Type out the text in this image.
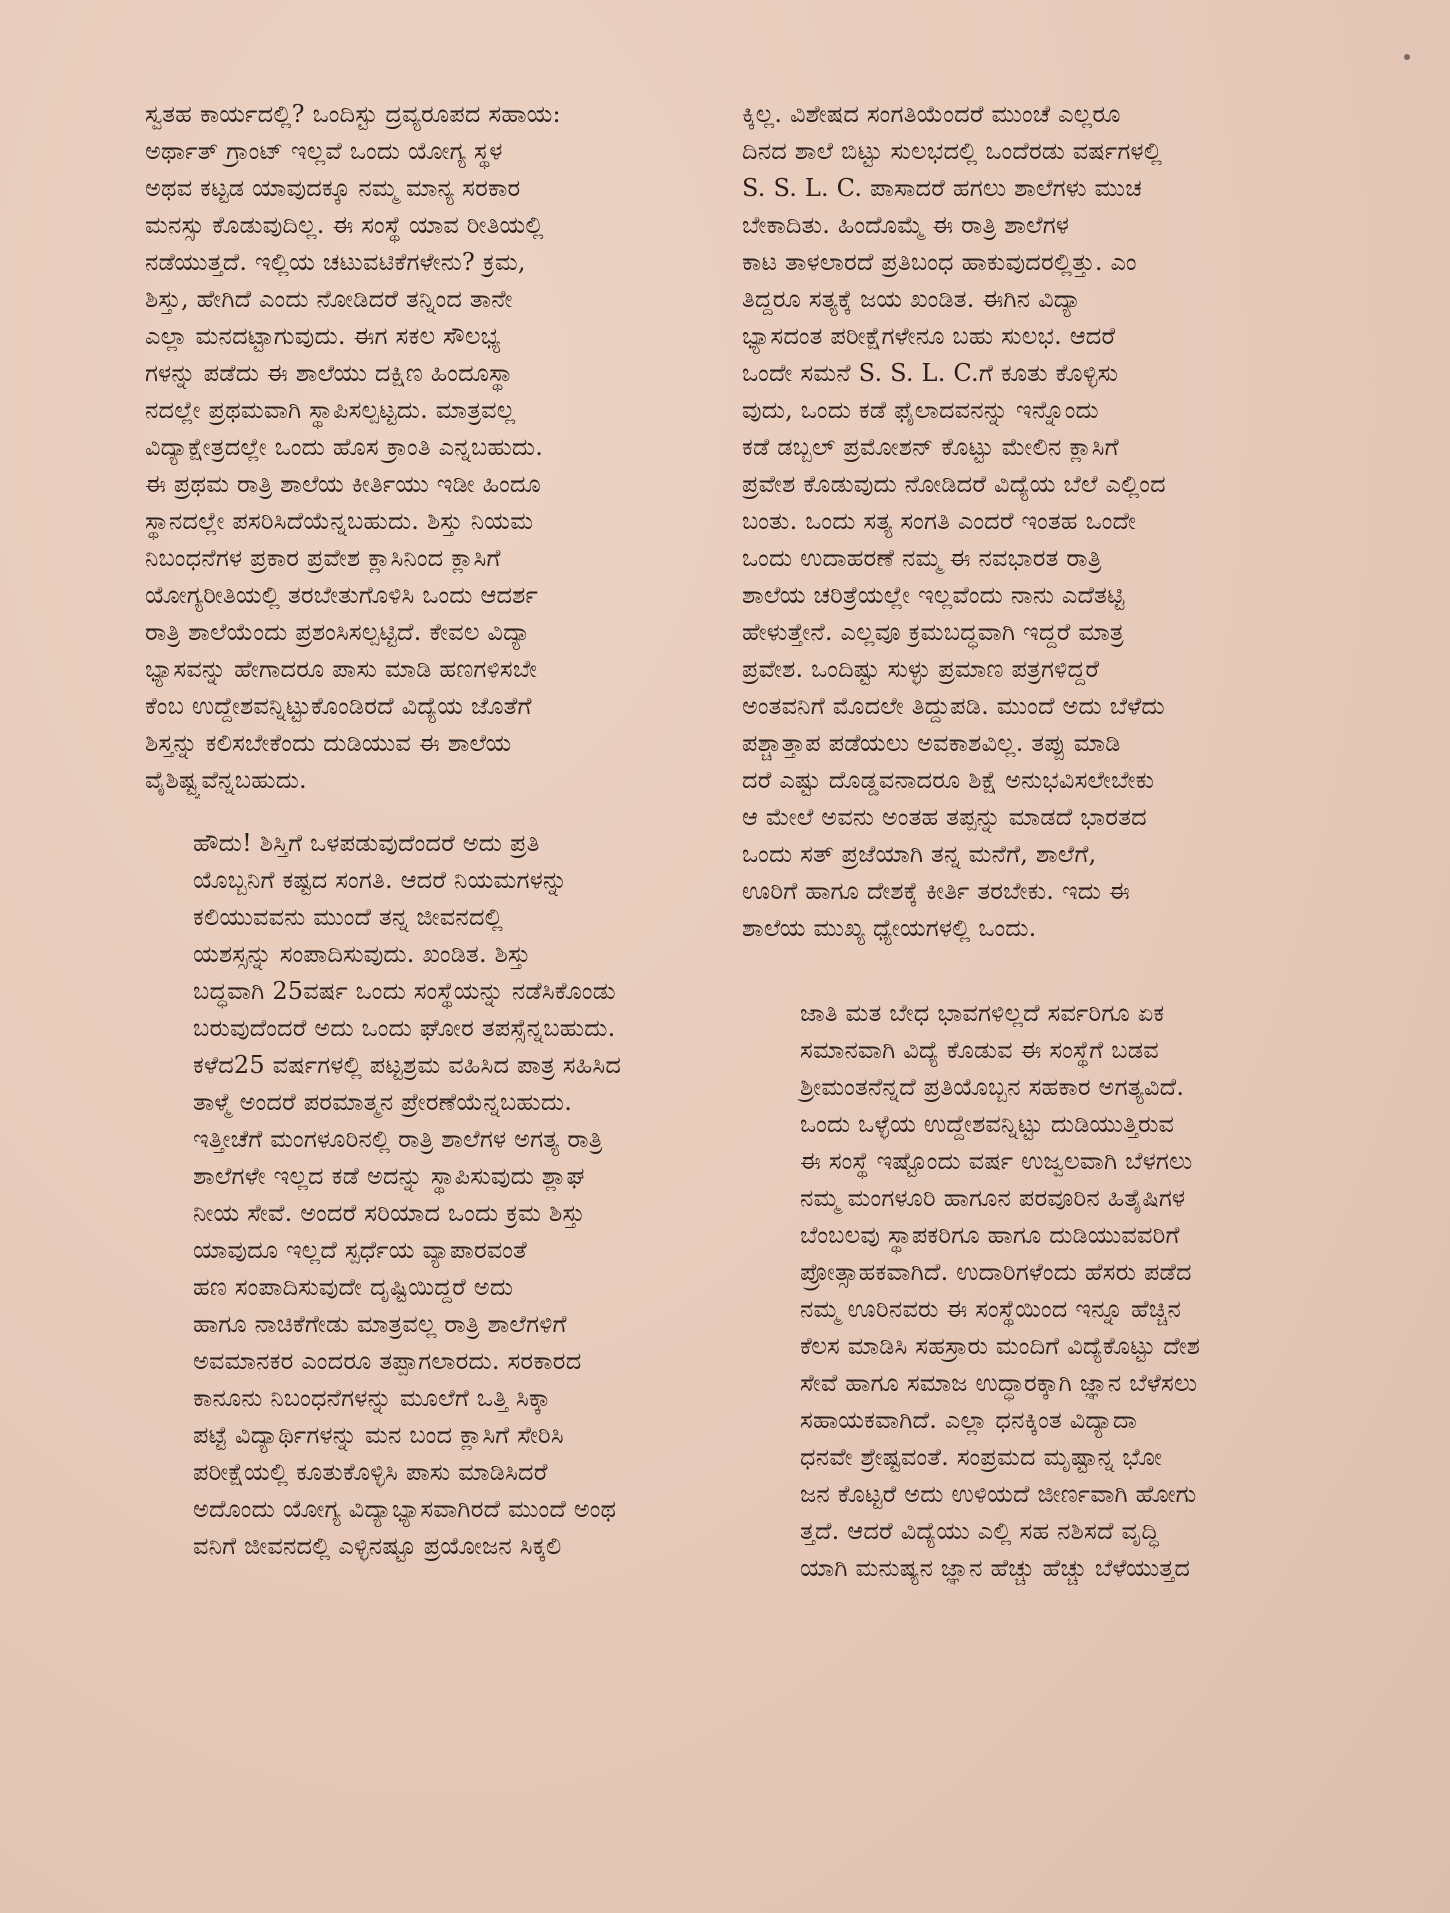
ಸ್ವತಹ ಕಾರ್ಯದಲ್ಲಿ? ಒಂದಿಸ್ಟು ದ್ರವ್ಯರೂಪದ ಸಹಾಯ:
ಅರ್ಥಾತ್ ಗ್ರಾಂಟ್ ಇಲ್ಲವೆ ಒಂದು ಯೋಗ್ಯ ಸ್ಥಳ
ಅಥವ ಕಟ್ಟಡ ಯಾವುದಕ್ಕೂ ನಮ್ಮ ಮಾನ್ಯ ಸರಕಾರ
ಮನಸ್ಸು ಕೊಡುವುದಿಲ್ಲ. ಈ ಸಂಸ್ಥೆ ಯಾವ ರೀತಿಯಲ್ಲಿ
ನಡೆಯುತ್ತದೆ. ಇಲ್ಲಿಯ ಚಟುವಟಿಕೆಗಳೇನು? ಕ್ರಮ,
ಶಿಸ್ತು, ಹೇಗಿದೆ ಎಂದು ನೋಡಿದರೆ ತನ್ನಿಂದ ತಾನೇ
ಎಲ್ಲಾ ಮನದಟ್ಟಾಗುವುದು. ಈಗ ಸಕಲ ಸೌಲಭ್ಯ
ಗಳನ್ನು ಪಡೆದು ಈ ಶಾಲೆಯು ದಕ್ಷಿಣ ಹಿಂದೂಸ್ಥಾ
ನದಲ್ಲೇ ಪ್ರಥಮವಾಗಿ ಸ್ಥಾಪಿಸಲ್ಪಟ್ಟದು. ಮಾತ್ರವಲ್ಲ
ವಿದ್ಯಾಕ್ಷೇತ್ರದಲ್ಲೇ ಒಂದು ಹೊಸ ಕ್ರಾಂತಿ ಎನ್ನಬಹುದು.
ಈ ಪ್ರಥಮ ರಾತ್ರಿ ಶಾಲೆಯ ಕೀರ್ತಿಯು ಇಡೀ ಹಿಂದೂ
ಸ್ಥಾನದಲ್ಲೇ ಪಸರಿಸಿದೆಯೆನ್ನಬಹುದು. ಶಿಸ್ತು ನಿಯಮ
ನಿಬಂಧನೆಗಳ ಪ್ರಕಾರ ಪ್ರವೇಶ ಕ್ಲಾಸಿನಿಂದ ಕ್ಲಾಸಿಗೆ
ಯೋಗ್ಯರೀತಿಯಲ್ಲಿ ತರಬೇತುಗೊಳಿಸಿ ಒಂದು ಆದರ್ಶ
ರಾತ್ರಿ ಶಾಲೆಯೆಂದು ಪ್ರಶಂಸಿಸಲ್ಪಟ್ಟಿದೆ. ಕೇವಲ ವಿದ್ಯಾ
ಭ್ಯಾಸವನ್ನು ಹೇಗಾದರೂ ಪಾಸು ಮಾಡಿ ಹಣಗಳಿಸಬೇ
ಕೆಂಬ ಉದ್ದೇಶವನ್ನಿಟ್ಟುಕೊಂಡಿರದೆ ವಿದ್ಯೆಯ ಜೊತೆಗೆ
ಶಿಸ್ತನ್ನು ಕಲಿಸಬೇಕೆಂದು ದುಡಿಯುವ ಈ ಶಾಲೆಯ
ವೈಶಿಷ್ಟ್ಯವೆನ್ನಬಹುದು.
ಹೌದು! ಶಿಸ್ತಿಗೆ ಒಳಪಡುವುದೆಂದರೆ ಅದು ಪ್ರತಿ
ಯೊಬ್ಬನಿಗೆ ಕಷ್ಟದ ಸಂಗತಿ. ಆದರೆ ನಿಯಮಗಳನ್ನು
ಕಲಿಯುವವನು ಮುಂದೆ ತನ್ನ ಜೀವನದಲ್ಲಿ
ಯಶಸ್ಸನ್ನು ಸಂಪಾದಿಸುವುದು. ಖಂಡಿತ. ಶಿಸ್ತು
ಬದ್ಧವಾಗಿ 25ವರ್ಷ ಒಂದು ಸಂಸ್ಥೆಯನ್ನು ನಡೆಸಿಕೊಂಡು
ಬರುವುದೆಂದರೆ ಅದು ಒಂದು ಘೋರ ತಪಸ್ಸೆನ್ನಬಹುದು.
ಕಳೆದ25 ವರ್ಷಗಳಲ್ಲಿ ಪಟ್ಟಶ್ರಮ ವಹಿಸಿದ ಪಾತ್ರ ಸಹಿಸಿದ
ತಾಳ್ಮೆ ಅಂದರೆ ಪರಮಾತ್ಮನ ಪ್ರೇರಣೆಯೆನ್ನಬಹುದು.
ಇತ್ತೀಚೆಗೆ ಮಂಗಳೂರಿನಲ್ಲಿ ರಾತ್ರಿ ಶಾಲೆಗಳ ಅಗತ್ಯ ರಾತ್ರಿ
ಶಾಲೆಗಳೇ ಇಲ್ಲದ ಕಡೆ ಅದನ್ನು ಸ್ಥಾಪಿಸುವುದು ಶ್ಲಾಘ
ನೀಯ ಸೇವೆ. ಅಂದರೆ ಸರಿಯಾದ ಒಂದು ಕ್ರಮ ಶಿಸ್ತು
ಯಾವುದೂ ಇಲ್ಲದೆ ಸ್ಪರ್ಧೆಯ ವ್ಯಾಪಾರವಂತೆ
ಹಣ ಸಂಪಾದಿಸುವುದೇ ದೃಷ್ಟಿಯಿದ್ದರೆ ಅದು
ಹಾಗೂ ನಾಚಿಕೆಗೇಡು ಮಾತ್ರವಲ್ಲ ರಾತ್ರಿ ಶಾಲೆಗಳಿಗೆ
ಅವಮಾನಕರ ಎಂದರೂ ತಪ್ಪಾಗಲಾರದು. ಸರಕಾರದ
ಕಾನೂನು ನಿಬಂಧನೆಗಳನ್ನು ಮೂಲೆಗೆ ಒತ್ತಿ ಸಿಕ್ಕಾ
ಪಟ್ಟೆ ವಿದ್ಯಾರ್ಥಿಗಳನ್ನು ಮನ ಬಂದ ಕ್ಲಾಸಿಗೆ ಸೇರಿಸಿ
ಪರೀಕ್ಷೆಯಲ್ಲಿ ಕೂತುಕೊಳ್ಳಿಸಿ ಪಾಸು ಮಾಡಿಸಿದರೆ
ಅದೊಂದು ಯೋಗ್ಯ ವಿದ್ಯಾಭ್ಯಾಸವಾಗಿರದೆ ಮುಂದೆ ಅಂಥ
ವನಿಗೆ ಜೀವನದಲ್ಲಿ ಎಳ್ಳಿನಷ್ಟೂ ಪ್ರಯೋಜನ ಸಿಕ್ಕಲಿ
ಕ್ಕಿಲ್ಲ. ವಿಶೇಷದ ಸಂಗತಿಯೆಂದರೆ ಮುಂಚೆ ಎಲ್ಲರೂ
ದಿನದ ಶಾಲೆ ಬಿಟ್ಟು ಸುಲಭದಲ್ಲಿ ಒಂದೆರಡು ವರ್ಷಗಳಲ್ಲಿ
S. S. L. C. ಪಾಸಾದರೆ ಹಗಲು ಶಾಲೆಗಳು ಮುಚ
ಬೇಕಾದಿತು. ಹಿಂದೊಮ್ಮೆ ಈ ರಾತ್ರಿ ಶಾಲೆಗಳ
ಕಾಟ ತಾಳಲಾರದೆ ಪ್ರತಿಬಂಧ ಹಾಕುವುದರಲ್ಲಿತ್ತು. ಎಂ
ತಿದ್ದರೂ ಸತ್ಯಕ್ಕೆ ಜಯ ಖಂಡಿತ. ಈಗಿನ ವಿದ್ಯಾ
ಭ್ಯಾಸದಂತ ಪರೀಕ್ಷೆಗಳೇನೂ ಬಹು ಸುಲಭ. ಆದರೆ
ಒಂದೇ ಸಮನೆ S. S. L. C.ಗೆ ಕೂತು ಕೊಳ್ಳಿಸು
ವುದು, ಒಂದು ಕಡೆ ಫೈಲಾದವನನ್ನು ಇನ್ನೊಂದು
ಕಡೆ ಡಬ್ಬಲ್ ಪ್ರಮೋಶನ್ ಕೊಟ್ಟು ಮೇಲಿನ ಕ್ಲಾಸಿಗೆ
ಪ್ರವೇಶ ಕೊಡುವುದು ನೋಡಿದರೆ ವಿದ್ಯೆಯ ಬೆಲೆ ಎಲ್ಲಿಂದ
ಬಂತು. ಒಂದು ಸತ್ಯ ಸಂಗತಿ ಎಂದರೆ ಇಂತಹ ಒಂದೇ
ಒಂದು ಉದಾಹರಣೆ ನಮ್ಮ ಈ ನವಭಾರತ ರಾತ್ರಿ
ಶಾಲೆಯ ಚರಿತ್ರೆಯಲ್ಲೇ ಇಲ್ಲವೆಂದು ನಾನು ಎದೆತಟ್ಟಿ
ಹೇಳುತ್ತೇನೆ. ಎಲ್ಲವೂ ಕ್ರಮಬದ್ಧವಾಗಿ ಇದ್ದರೆ ಮಾತ್ರ
ಪ್ರವೇಶ. ಒಂದಿಷ್ಟು ಸುಳ್ಳು ಪ್ರಮಾಣ ಪತ್ರಗಳಿದ್ದರೆ
ಅಂತವನಿಗೆ ಮೊದಲೇ ತಿದ್ದುಪಡಿ. ಮುಂದೆ ಅದು ಬೆಳೆದು
ಪಶ್ಚಾತ್ತಾಪ ಪಡೆಯಲು ಅವಕಾಶವಿಲ್ಲ. ತಪ್ಪು ಮಾಡಿ
ದರೆ ಎಷ್ಟು ದೊಡ್ಡವನಾದರೂ ಶಿಕ್ಷೆ ಅನುಭವಿಸಲೇಬೇಕು
ಆ ಮೇಲೆ ಅವನು ಅಂತಹ ತಪ್ಪನ್ನು ಮಾಡದೆ ಭಾರತದ
ಒಂದು ಸತ್ ಪ್ರಜೆಯಾಗಿ ತನ್ನ ಮನೆಗೆ, ಶಾಲೆಗೆ,
ಊರಿಗೆ ಹಾಗೂ ದೇಶಕ್ಕೆ ಕೀರ್ತಿ ತರಬೇಕು. ಇದು ಈ
ಶಾಲೆಯ ಮುಖ್ಯ ಧ್ಯೇಯಗಳಲ್ಲಿ ಒಂದು.
ಜಾತಿ ಮತ ಬೇಧ ಭಾವಗಳಿಲ್ಲದೆ ಸರ್ವರಿಗೂ ಏಕ
ಸಮಾನವಾಗಿ ವಿದ್ಯೆ ಕೊಡುವ ಈ ಸಂಸ್ಥೆಗೆ ಬಡವ
ಶ್ರೀಮಂತನೆನ್ನದೆ ಪ್ರತಿಯೊಬ್ಬನ ಸಹಕಾರ ಅಗತ್ಯವಿದೆ.
ಒಂದು ಒಳ್ಳೆಯ ಉದ್ದೇಶವನ್ನಿಟ್ಟು ದುಡಿಯುತ್ತಿರುವ
ಈ ಸಂಸ್ಥೆ ಇಷ್ಟೊಂದು ವರ್ಷ ಉಜ್ವಲವಾಗಿ ಬೆಳಗಲು
ನಮ್ಮ ಮಂಗಳೂರಿ ಹಾಗೂನ ಪರವೂರಿನ ಹಿತೈಷಿಗಳ
ಬೆಂಬಲವು ಸ್ಥಾಪಕರಿಗೂ ಹಾಗೂ ದುಡಿಯುವವರಿಗೆ
ಪ್ರೋತ್ಸಾಹಕವಾಗಿದೆ. ಉದಾರಿಗಳೆಂದು ಹೆಸರು ಪಡೆದ
ನಮ್ಮ ಊರಿನವರು ಈ ಸಂಸ್ಥೆಯಿಂದ ಇನ್ನೂ ಹೆಚ್ಚಿನ
ಕೆಲಸ ಮಾಡಿಸಿ ಸಹಸ್ರಾರು ಮಂದಿಗೆ ವಿದ್ಯೆಕೊಟ್ಟು ದೇಶ
ಸೇವೆ ಹಾಗೂ ಸಮಾಜ ಉದ್ಧಾರಕ್ಕಾಗಿ ಜ್ಞಾನ ಬೆಳೆಸಲು
ಸಹಾಯಕವಾಗಿದೆ. ಎಲ್ಲಾ ಧನಕ್ಕಿಂತ ವಿದ್ಯಾದಾ
ಧನವೇ ಶ್ರೇಷ್ಟವಂತೆ. ಸಂಪ್ರಮದ ಮೃಷ್ಟಾನ್ನ ಭೋ
ಜನ ಕೊಟ್ಟರೆ ಅದು ಉಳಿಯದೆ ಜೀರ್ಣವಾಗಿ ಹೋಗು
ತ್ತದೆ. ಆದರೆ ವಿದ್ಯೆಯು ಎಲ್ಲಿ ಸಹ ನಶಿಸದೆ ವೃದ್ಧಿ
ಯಾಗಿ ಮನುಷ್ಯನ ಜ್ಞಾನ ಹೆಚ್ಚು ಹೆಚ್ಚು ಬೆಳೆಯುತ್ತದ
